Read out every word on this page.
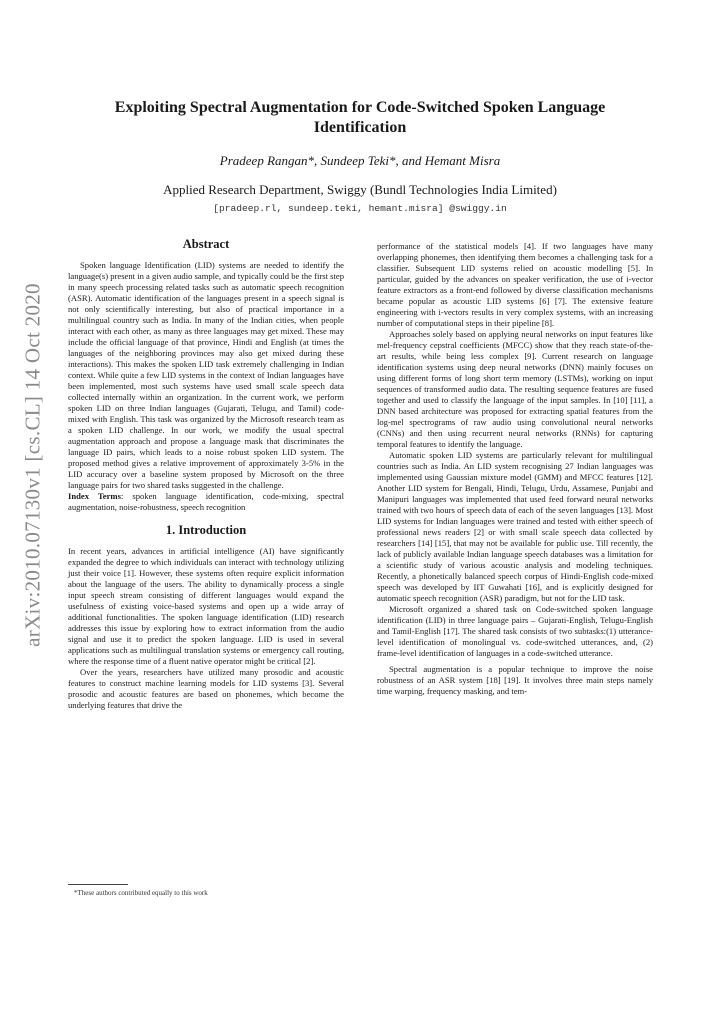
arXiv:2010.07130v1 [cs.CL] 14 Oct 2020
Exploiting Spectral Augmentation for Code-Switched Spoken Language Identification
Pradeep Rangan*, Sundeep Teki*, and Hemant Misra
Applied Research Department, Swiggy (Bundl Technologies India Limited)
[pradeep.rl, sundeep.teki, hemant.misra] @swiggy.in
Abstract

Spoken language Identification (LID) systems are needed to identify the language(s) present in a given audio sample, and typically could be the first step in many speech processing related tasks such as automatic speech recognition (ASR). Automatic identification of the languages present in a speech signal is not only scientifically interesting, but also of practical importance in a multilingual country such as India. In many of the Indian cities, when people interact with each other, as many as three languages may get mixed. These may include the official language of that province, Hindi and English (at times the languages of the neighboring provinces may also get mixed during these interactions). This makes the spoken LID task extremely challenging in Indian context. While quite a few LID systems in the context of Indian languages have been implemented, most such systems have used small scale speech data collected internally within an organization. In the current work, we perform spoken LID on three Indian languages (Gujarati, Telugu, and Tamil) code-mixed with English. This task was organized by the Microsoft research team as a spoken LID challenge. In our work, we modify the usual spectral augmentation approach and propose a language mask that discriminates the language ID pairs, which leads to a noise robust spoken LID system. The proposed method gives a relative improvement of approximately 3-5% in the LID accuracy over a baseline system proposed by Microsoft on the three language pairs for two shared tasks suggested in the challenge.

Index Terms: spoken language identification, code-mixing, spectral augmentation, noise-robustness, speech recognition

1. Introduction

In recent years, advances in artificial intelligence (AI) have significantly expanded the degree to which individuals can interact with technology utilizing just their voice [1]. However, these systems often require explicit information about the language of the users. The ability to dynamically process a single input speech stream consisting of different languages would expand the usefulness of existing voice-based systems and open up a wide array of additional functionalities. The spoken language identification (LID) research addresses this issue by exploring how to extract information from the audio signal and use it to predict the spoken language. LID is used in several applications such as multilingual translation systems or emergency call routing, where the response time of a fluent native operator might be critical [2].

Over the years, researchers have utilized many prosodic and acoustic features to construct machine learning models for LID systems [3]. Several prosodic and acoustic features are based on phonemes, which become the underlying features that drive the

performance of the statistical models [4]. If two languages have many overlapping phonemes, then identifying them becomes a challenging task for a classifier. Subsequent LID systems relied on acoustic modelling [5]. In particular, guided by the advances on speaker verification, the use of i-vector feature extractors as a front-end followed by diverse classification mechanisms became popular as acoustic LID systems [6] [7]. The extensive feature engineering with i-vectors results in very complex systems, with an increasing number of computational steps in their pipeline [8].

Approaches solely based on applying neural networks on input features like mel-frequency cepstral coefficients (MFCC) show that they reach state-of-the-art results, while being less complex [9]. Current research on language identification systems using deep neural networks (DNN) mainly focuses on using different forms of long short term memory (LSTMs), working on input sequences of transformed audio data. The resulting sequence features are fused together and used to classify the language of the input samples. In [10] [11], a DNN based architecture was proposed for extracting spatial features from the log-mel spectrograms of raw audio using convolutional neural networks (CNNs) and then using recurrent neural networks (RNNs) for capturing temporal features to identify the language.

Automatic spoken LID systems are particularly relevant for multilingual countries such as India. An LID system recognising 27 Indian languages was implemented using Gaussian mixture model (GMM) and MFCC features [12]. Another LID system for Bengali, Hindi, Telugu, Urdu, Assamese, Punjabi and Manipuri languages was implemented that used feed forward neural networks trained with two hours of speech data of each of the seven languages [13]. Most LID systems for Indian languages were trained and tested with either speech of professional news readers [2] or with small scale speech data collected by researchers [14] [15], that may not be available for public use. Till recently, the lack of publicly available Indian language speech databases was a limitation for a scientific study of various acoustic analysis and modeling techniques. Recently, a phonetically balanced speech corpus of Hindi-English code-mixed speech was developed by IIT Guwahati [16], and is explicitly designed for automatic speech recognition (ASR) paradigm, but not for the LID task.

Microsoft organized a shared task on Code-switched spoken language identification (LID) in three language pairs – Gujarati-English, Telugu-English and Tamil-English [17]. The shared task consists of two subtasks:(1) utterance-level identification of monolingual vs. code-switched utterances, and, (2) frame-level identification of languages in a code-switched utterance.

Spectral augmentation is a popular technique to improve the noise robustness of an ASR system [18] [19]. It involves three main steps namely time warping, frequency masking, and tem-

*These authors contributed equally to this work
